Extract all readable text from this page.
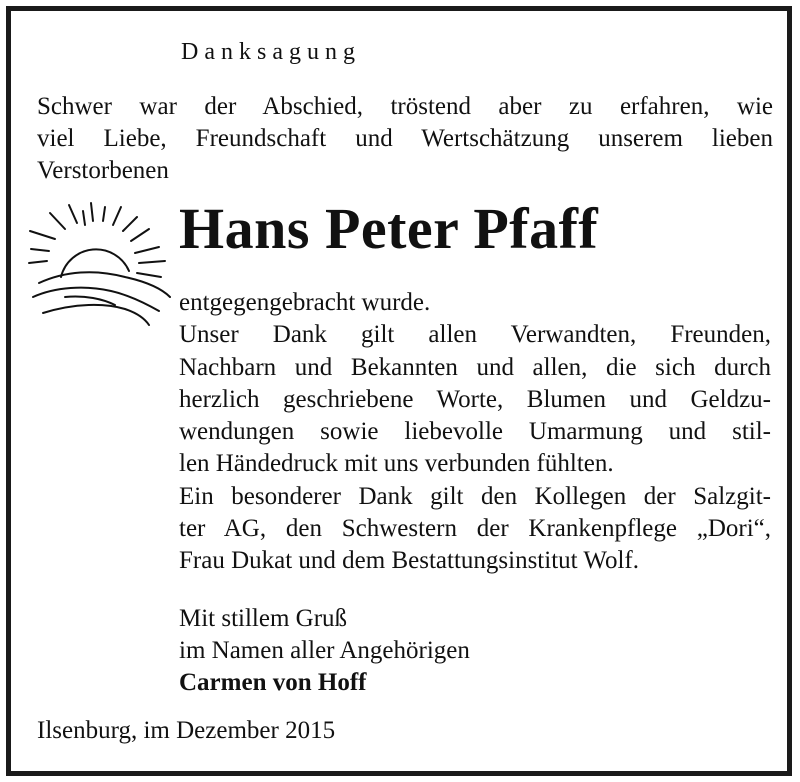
Danksagung
Schwer war der Abschied, tröstend aber zu erfahren, wie
viel Liebe, Freundschaft und Wertschätzung unserem lieben
Verstorbenen
Hans Peter Pfaff
entgegengebracht wurde.
Unser Dank gilt allen Verwandten, Freunden,
Nachbarn und Bekannten und allen, die sich durch
herzlich geschriebene Worte, Blumen und Geldzu-
wendungen sowie liebevolle Umarmung und stil-
len Händedruck mit uns verbunden fühlten.
Ein besonderer Dank gilt den Kollegen der Salzgit-
ter AG, den Schwestern der Krankenpflege „Dori“,
Frau Dukat und dem Bestattungsinstitut Wolf.
Mit stillem Gruß
im Namen aller Angehörigen
Carmen von Hoff
Ilsenburg, im Dezember 2015
